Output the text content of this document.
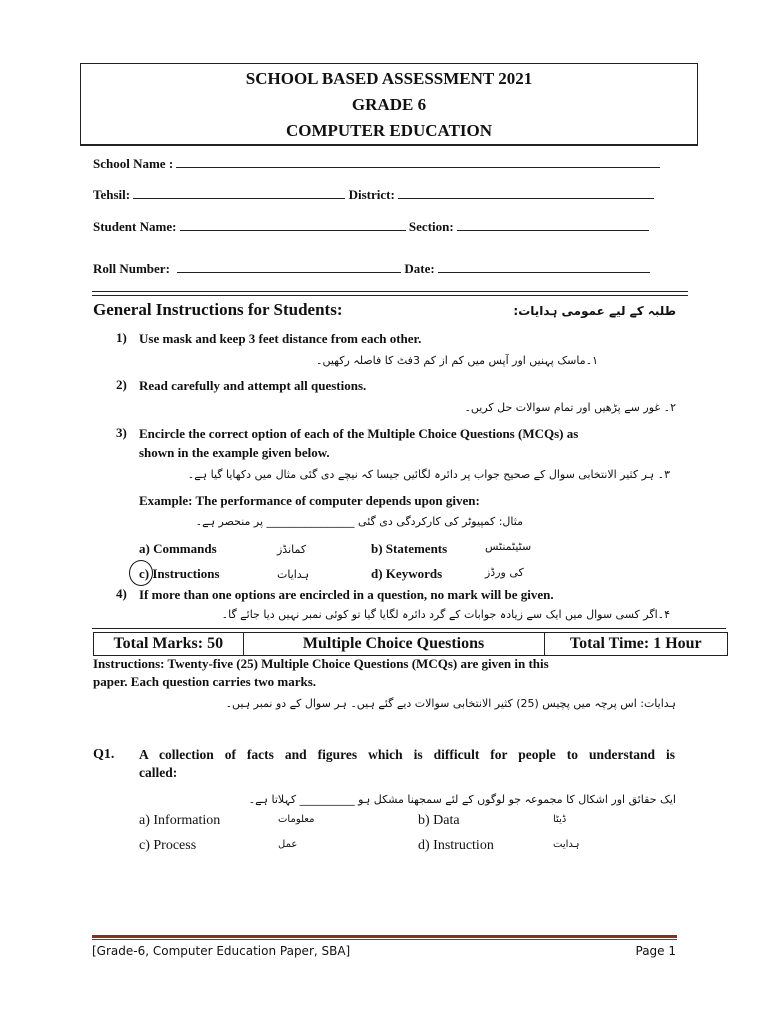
SCHOOL BASED ASSESSMENT 2021
GRADE 6
COMPUTER EDUCATION
School Name :
Tehsil:	District:
Student Name:	Section:
Roll Number:	Date:
General Instructions for Students:	طلبہ کے لیے عمومی ہدایات:
1) Use mask and keep 3 feet distance from each other.
۱۔ماسک پہنیں اور آپس میں کم از کم 3فٹ کا فاصلہ رکھیں۔
2) Read carefully and attempt all questions.
۲۔ غور سے پڑھیں اور تمام سوالات حل کریں۔
3) Encircle the correct option of each of the Multiple Choice Questions (MCQs) as
shown in the example given below.
۳۔ ہر کثیر الانتخابی سوال کے صحیح جواب پر دائرہ لگائیں جیسا کہ نیچے دی گئی مثال میں دکھایا گیا ہے۔
Example: The performance of computer depends upon given:
مثال: کمپیوٹر کی کارکردگی دی گئی ________________ پر منحصر ہے۔
a) Commands	کمانڈز	b) Statements	سٹیٹمنٹس
c) Instructions	ہدایات	d) Keywords	کی ورڈز
4) If more than one options are encircled in a question, no mark will be given.
۴۔اگر کسی سوال میں ایک سے زیادہ جوابات کے گرد دائرہ لگایا گیا تو کوئی نمبر نہیں دیا جائے گا۔
Total Marks: 50	Multiple Choice Questions	Total Time: 1 Hour
Instructions: Twenty-five (25) Multiple Choice Questions (MCQs) are given in this
paper. Each question carries two marks.
ہدایات: اس پرچہ میں پچیس (25) کثیر الانتخابی سوالات دیے گئے ہیں۔ ہر سوال کے دو نمبر ہیں۔
Q1. A collection of facts and figures which is difficult for people to understand is
called:
ایک حقائق اور اشکال کا مجموعہ جو لوگوں کے لئے سمجھنا مشکل ہو __________ کہلاتا ہے۔
a) Information	معلومات	b) Data	ڈیٹا
c) Process	عمل	d) Instruction	ہدایت
[Grade-6, Computer Education Paper, SBA]	Page 1
